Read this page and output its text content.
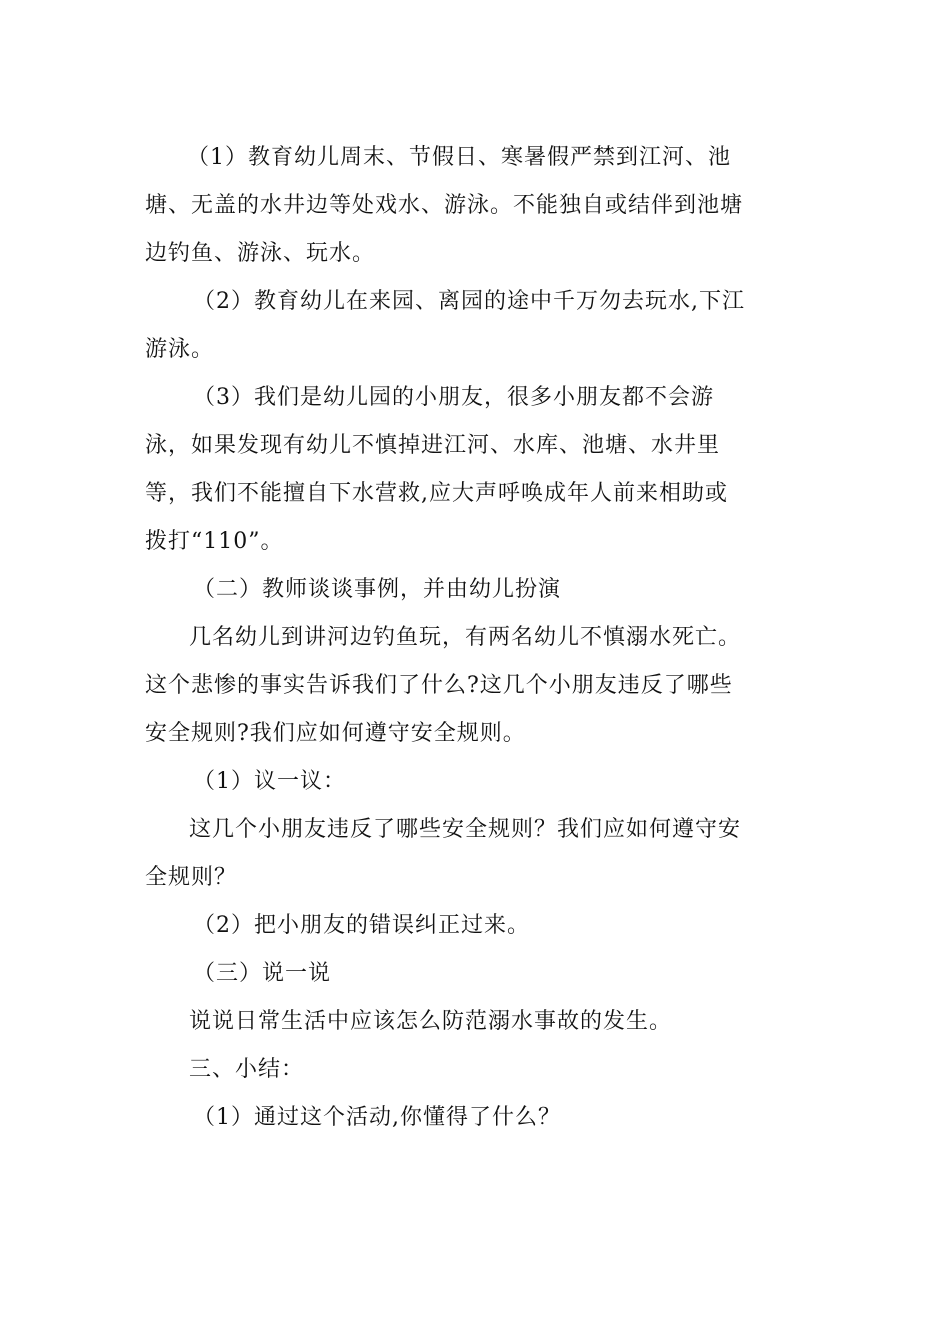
（1）教育幼儿周末、节假日、寒暑假严禁到江河、池塘、无盖的水井边等处戏水、游泳。不能独自或结伴到池塘边钓鱼、游泳、玩水。

（2）教育幼儿在来园、离园的途中千万勿去玩水,下江游泳。

（3）我们是幼儿园的小朋友，很多小朋友都不会游泳，如果发现有幼儿不慎掉进江河、水库、池塘、水井里等，我们不能擅自下水营救,应大声呼唤成年人前来相助或拨打“110”。

（二）教师谈谈事例，并由幼儿扮演

几名幼儿到讲河边钓鱼玩，有两名幼儿不慎溺水死亡。这个悲惨的事实告诉我们了什么?这几个小朋友违反了哪些安全规则?我们应如何遵守安全规则。

（1）议一议：

这几个小朋友违反了哪些安全规则？我们应如何遵守安全规则？

（2）把小朋友的错误纠正过来。

（三）说一说

说说日常生活中应该怎么防范溺水事故的发生。

三、小结：

（1）通过这个活动,你懂得了什么？
